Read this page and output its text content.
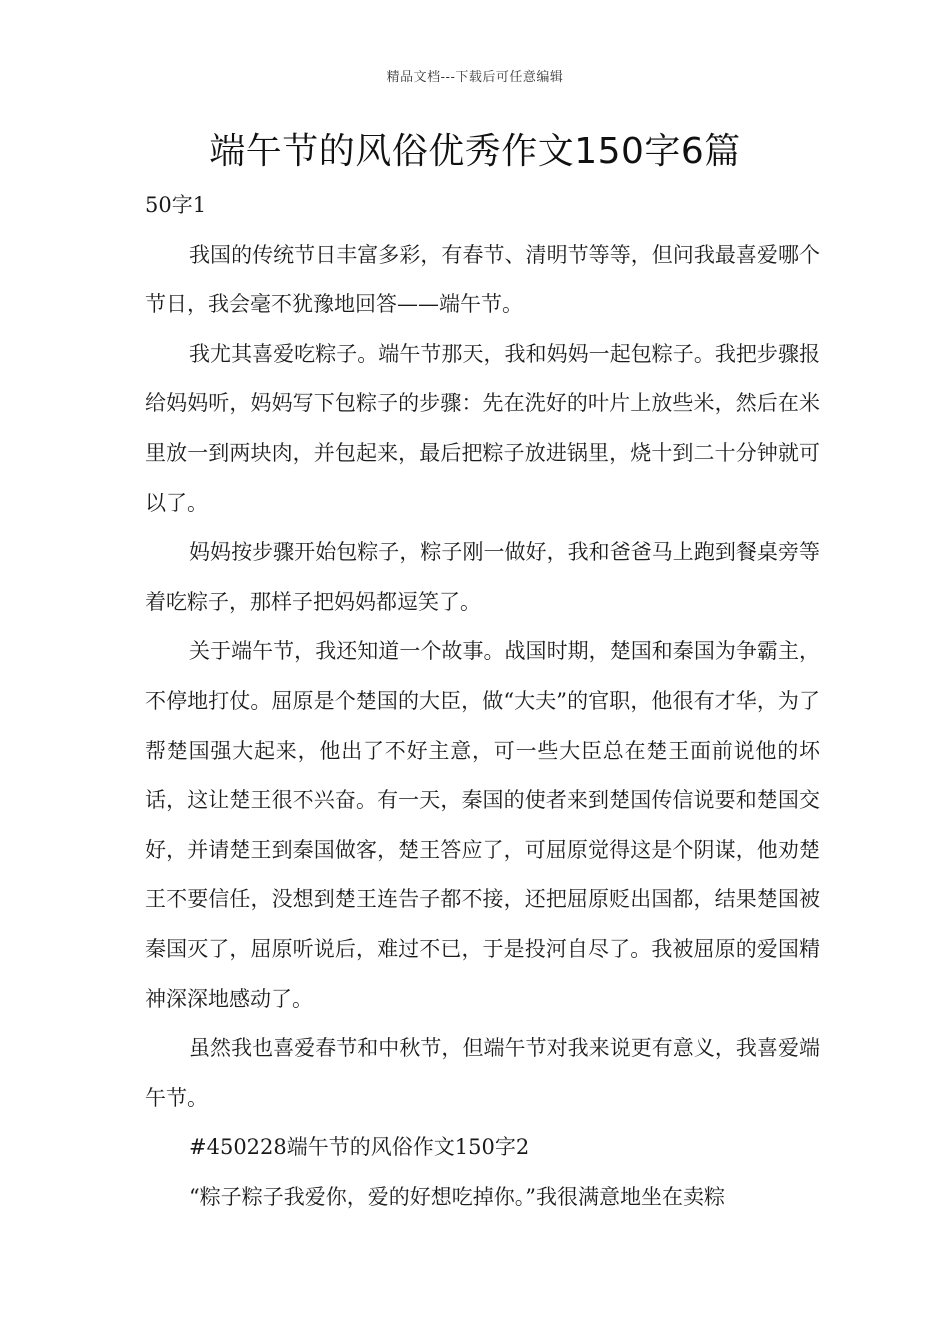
精品文档---下载后可任意编辑
端午节的风俗优秀作文150字6篇

50字1

我国的传统节日丰富多彩，有春节、清明节等等，但问我最喜爱哪个节日，我会毫不犹豫地回答——端午节。

我尤其喜爱吃粽子。端午节那天，我和妈妈一起包粽子。我把步骤报给妈妈听，妈妈写下包粽子的步骤：先在洗好的叶片上放些米，然后在米里放一到两块肉，并包起来，最后把粽子放进锅里，烧十到二十分钟就可以了。

妈妈按步骤开始包粽子，粽子刚一做好，我和爸爸马上跑到餐桌旁等着吃粽子，那样子把妈妈都逗笑了。

关于端午节，我还知道一个故事。战国时期，楚国和秦国为争霸主，不停地打仗。屈原是个楚国的大臣，做“大夫”的官职，他很有才华，为了帮楚国强大起来，他出了不好主意，可一些大臣总在楚王面前说他的坏话，这让楚王很不兴奋。有一天，秦国的使者来到楚国传信说要和楚国交好，并请楚王到秦国做客，楚王答应了，可屈原觉得这是个阴谋，他劝楚王不要信任，没想到楚王连告子都不接，还把屈原贬出国都，结果楚国被秦国灭了，屈原听说后，难过不已，于是投河自尽了。我被屈原的爱国精神深深地感动了。

虽然我也喜爱春节和中秋节，但端午节对我来说更有意义，我喜爱端午节。

#450228端午节的风俗作文150字2

“粽子粽子我爱你，爱的好想吃掉你。”我很满意地坐在卖粽
